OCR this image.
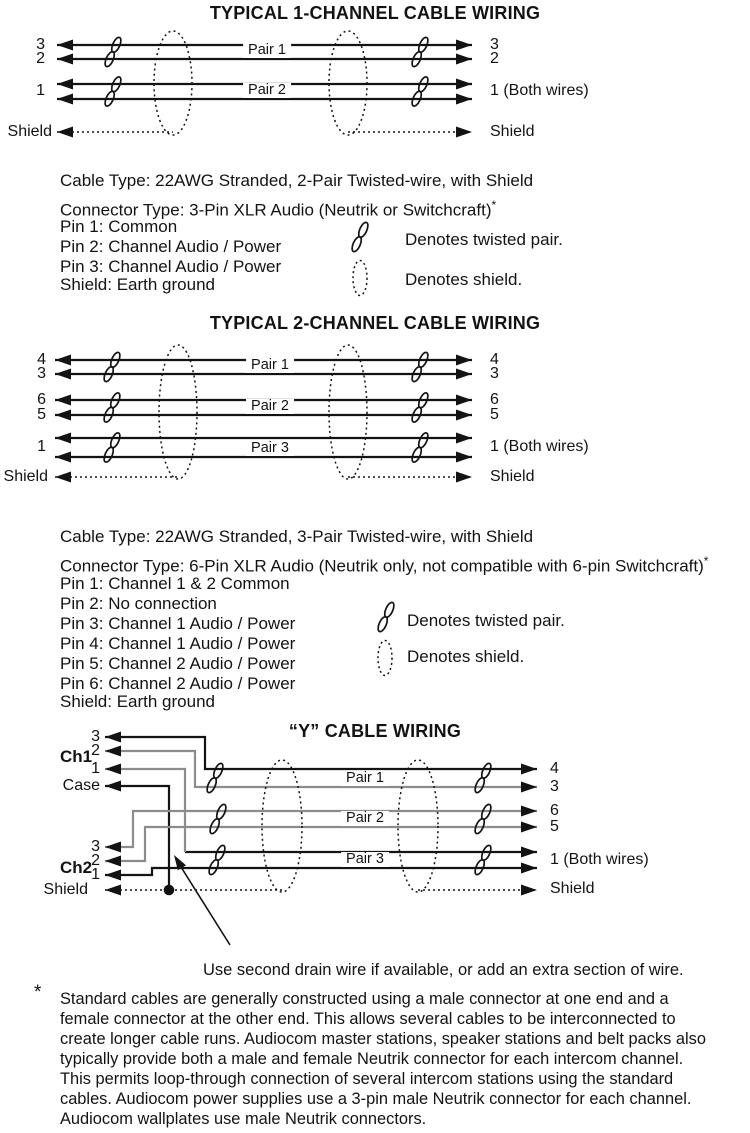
TYPICAL 1-CHANNEL CABLE WIRING
3
2
1
Shield
3
2
1 (Both wires)
Shield
Pair 1
Pair 2
Cable Type: 22AWG Stranded, 2-Pair Twisted-wire, with Shield
Connector Type: 3-Pin XLR Audio (Neutrik or Switchcraft)*
Pin 1: Common
Pin 2: Channel Audio / Power
Pin 3: Channel Audio / Power
Shield: Earth ground
Denotes twisted pair.
Denotes shield.
TYPICAL 2-CHANNEL CABLE WIRING
4
3
6
5
1
Shield
4
3
6
5
1 (Both wires)
Shield
Pair 1
Pair 2
Pair 3
Cable Type: 22AWG Stranded, 3-Pair Twisted-wire, with Shield
Connector Type: 6-Pin XLR Audio (Neutrik only, not compatible with 6-pin Switchcraft)*
Pin 1: Channel 1 & 2 Common
Pin 2: No connection
Pin 3: Channel 1 Audio / Power
Pin 4: Channel 1 Audio / Power
Pin 5: Channel 2 Audio / Power
Pin 6: Channel 2 Audio / Power
Shield: Earth ground
Denotes twisted pair.
Denotes shield.
“Y” CABLE WIRING
Ch1
Ch2
3
2
1
Case
3
2
1
Shield
4
3
6
5
1 (Both wires)
Shield
Pair 1
Pair 2
Pair 3
Use second drain wire if available, or add an extra section of wire.
* Standard cables are generally constructed using a male connector at one end and a female connector at the other end. This allows several cables to be interconnected to create longer cable runs. Audiocom master stations, speaker stations and belt packs also typically provide both a male and female Neutrik connector for each intercom channel. This permits loop-through connection of several intercom stations using the standard cables. Audiocom power supplies use a 3-pin male Neutrik connector for each channel. Audiocom wallplates use male Neutrik connectors.
